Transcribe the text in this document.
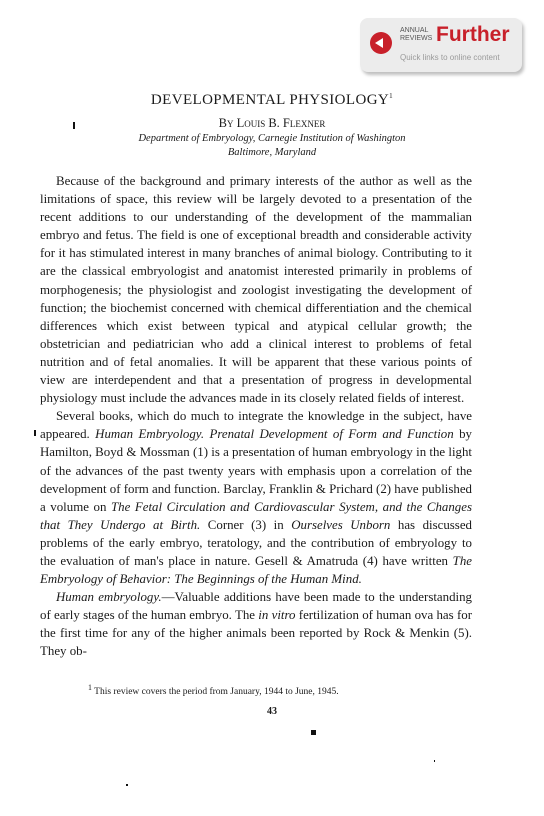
ANNUAL REVIEWS Further
Quick links to online content
DEVELOPMENTAL PHYSIOLOGY$^1$
By Louis B. Flexner
Department of Embryology, Carnegie Institution of Washington
Baltimore, Maryland

Because of the background and primary interests of the author as well as the limitations of space, this review will be largely devoted to a presentation of the recent additions to our understanding of the development of the mammalian embryo and fetus. The field is one of exceptional breadth and considerable activity for it has stimulated interest in many branches of animal biology. Contributing to it are the classical embryologist and anatomist interested primarily in problems of morphogenesis; the physiologist and zoologist investigating the development of function; the biochemist concerned with chemical differentiation and the chemical differences which exist between typical and atypical cellular growth; the obstetrician and pediatrician who add a clinical interest to problems of fetal nutrition and of fetal anomalies. It will be apparent that these various points of view are interdependent and that a presentation of progress in developmental physiology must include the advances made in its closely related fields of interest.

Several books, which do much to integrate the knowledge in the subject, have appeared. Human Embryology. Prenatal Development of Form and Function by Hamilton, Boyd & Mossman (1) is a presentation of human embryology in the light of the advances of the past twenty years with emphasis upon a correlation of the development of form and function. Barclay, Franklin & Prichard (2) have published a volume on The Fetal Circulation and Cardiovascular System, and the Changes that They Undergo at Birth. Corner (3) in Ourselves Unborn has discussed problems of the early embryo, teratology, and the contribution of embryology to the evaluation of man's place in nature. Gesell & Amatruda (4) have written The Embryology of Behavior: The Beginnings of the Human Mind.

Human embryology.—Valuable additions have been made to the understanding of early stages of the human embryo. The in vitro fertilization of human ova has for the first time for any of the higher animals been reported by Rock & Menkin (5). They ob-

$^1$ This review covers the period from January, 1944 to June, 1945.
43
